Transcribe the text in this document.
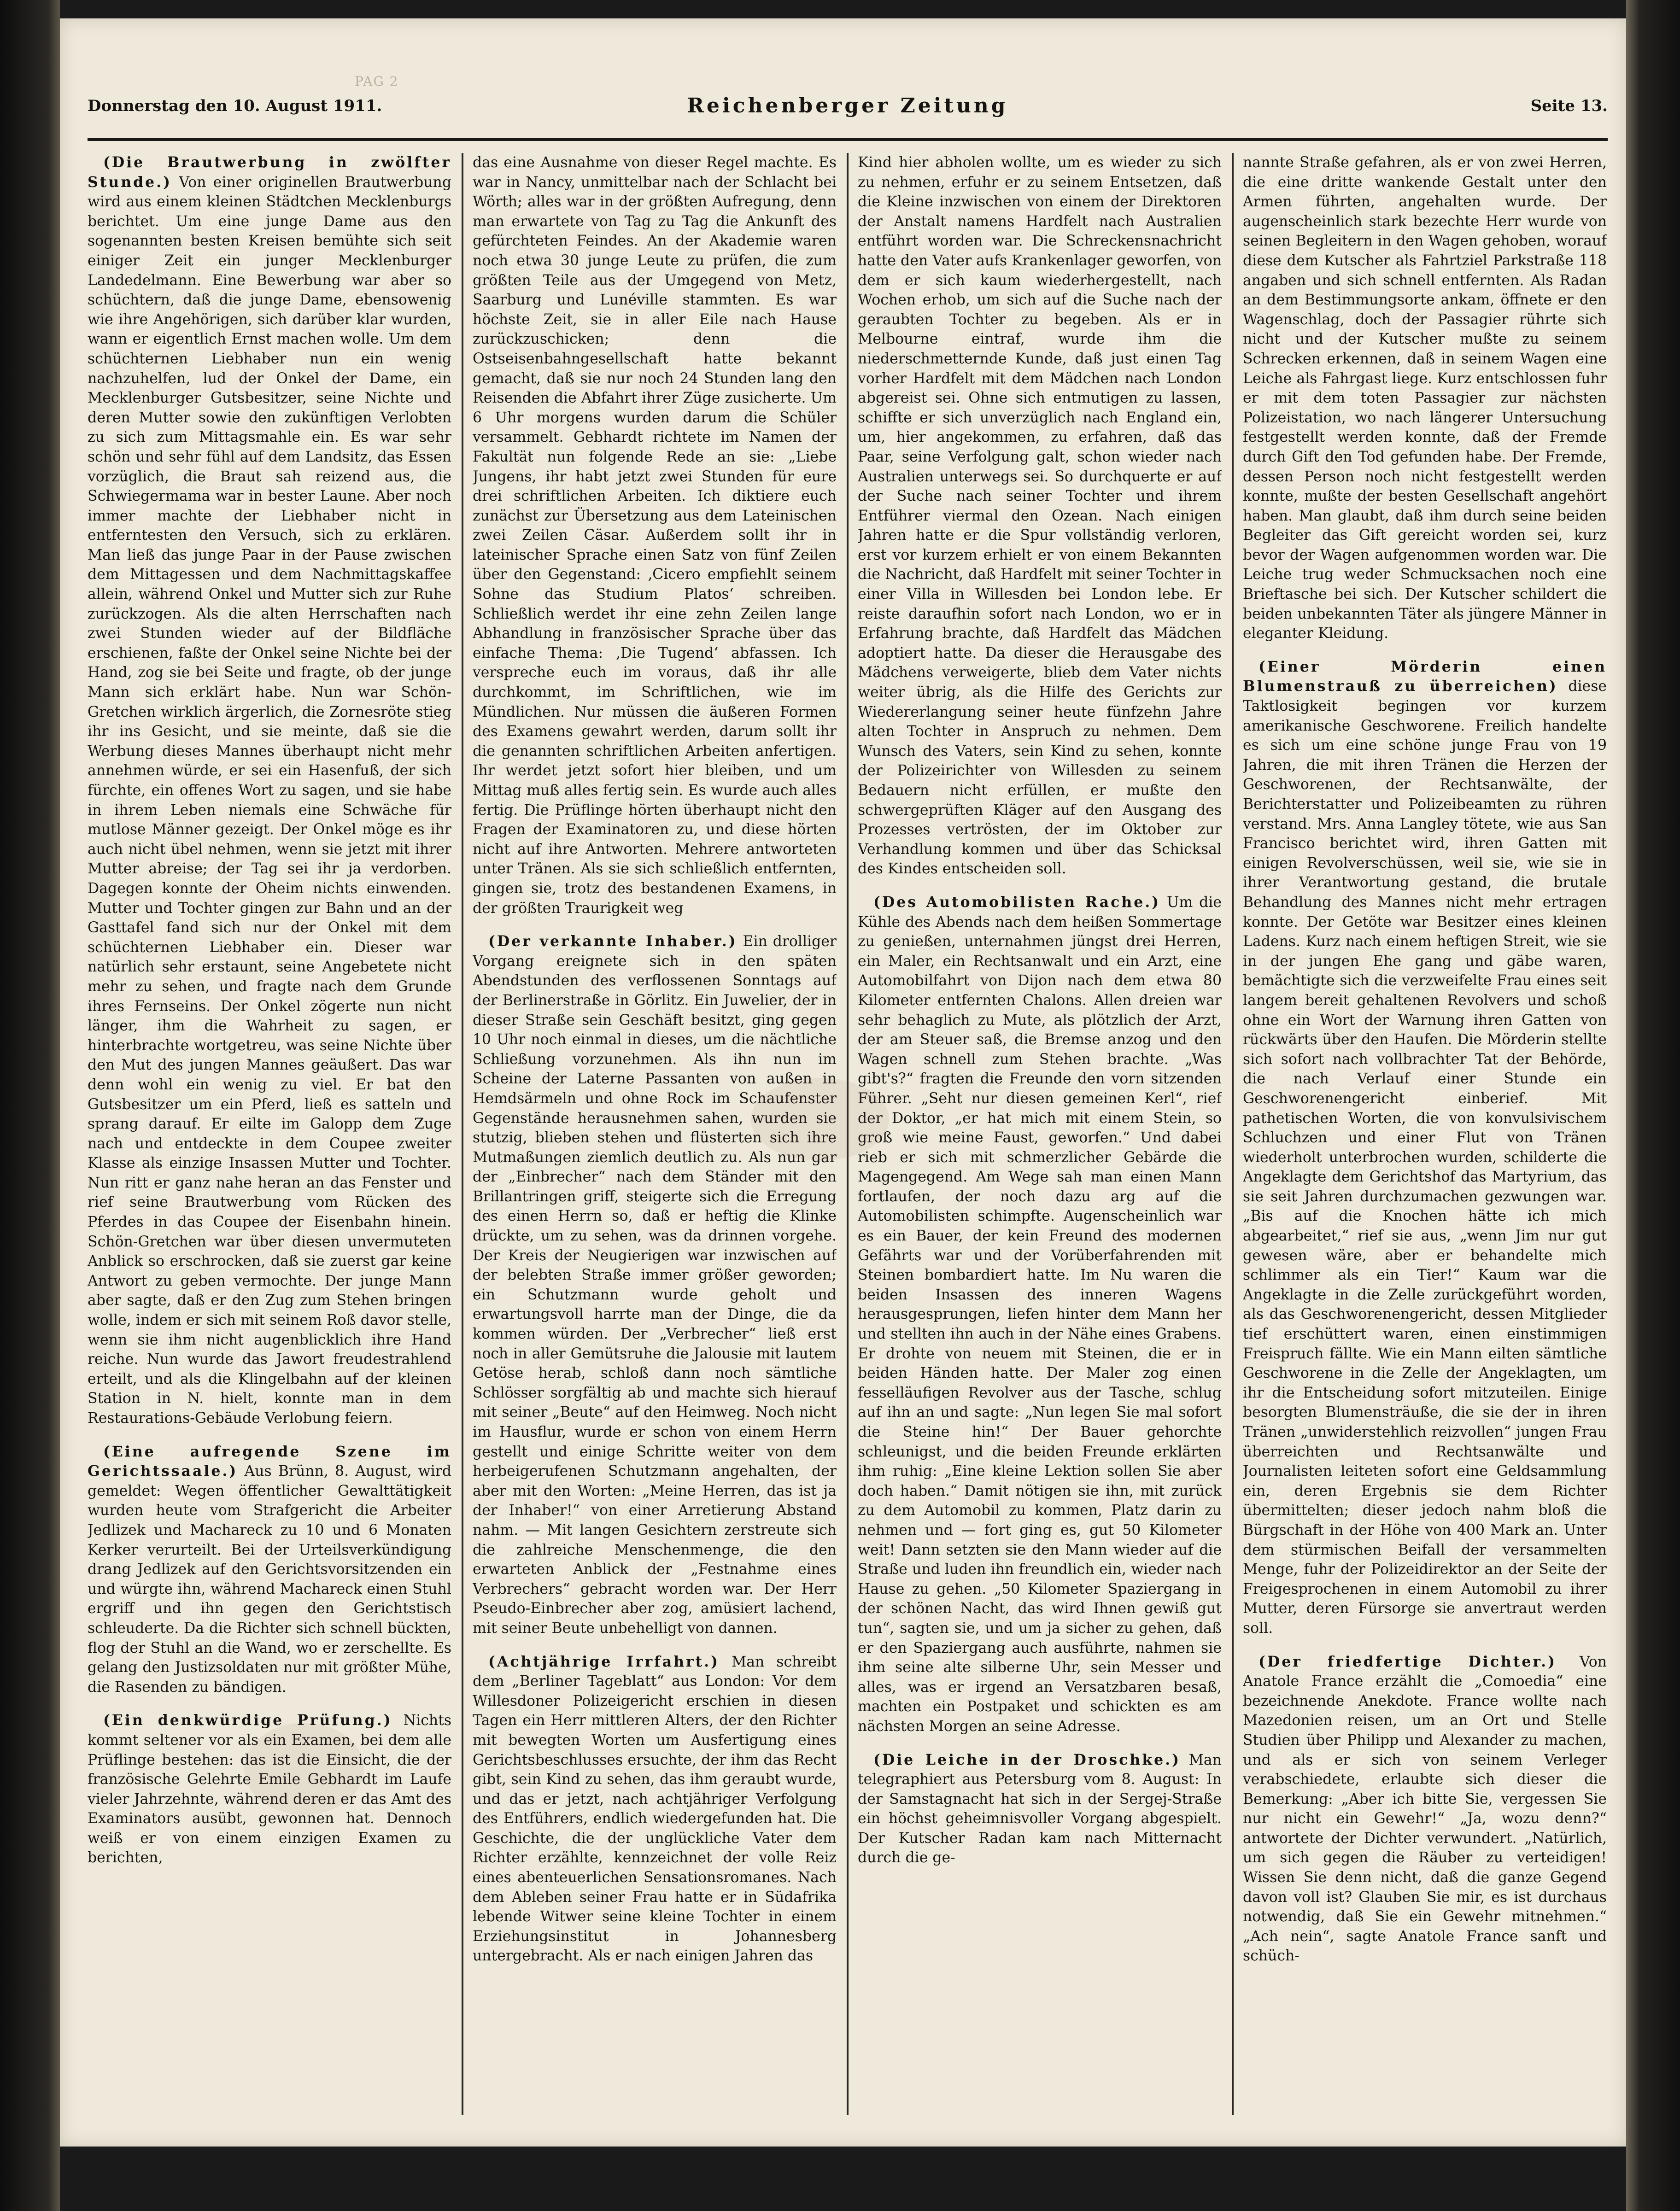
PAG 2
Donnerstag den 10. August 1911.	Reichenberger Zeitung	Seite 13.

(Die Brautwerbung in zwölfter Stunde.) Von einer originellen Brautwerbung wird aus einem kleinen Städtchen Mecklenburgs berichtet. Um eine junge Dame aus den sogenannten besten Kreisen bemühte sich seit einiger Zeit ein junger Mecklenburger Landedelmann. Eine Bewerbung war aber so schüchtern, daß die junge Dame, ebensowenig wie ihre Angehörigen, sich darüber klar wurden, wann er eigentlich Ernst machen wolle. Um dem schüchternen Liebhaber nun ein wenig nachzuhelfen, lud der Onkel der Dame, ein Mecklenburger Gutsbesitzer, seine Nichte und deren Mutter sowie den zukünftigen Verlobten zu sich zum Mittagsmahle ein. Es war sehr schön und sehr fühl auf dem Landsitz, das Essen vorzüglich, die Braut sah reizend aus, die Schwiegermama war in bester Laune. Aber noch immer machte der Liebhaber nicht in entferntesten den Versuch, sich zu erklären. Man ließ das junge Paar in der Pause zwischen dem Mittagessen und dem Nachmittagskaffee allein, während Onkel und Mutter sich zur Ruhe zurückzogen. Als die alten Herrschaften nach zwei Stunden wieder auf der Bildfläche erschienen, faßte der Onkel seine Nichte bei der Hand, zog sie bei Seite und fragte, ob der junge Mann sich erklärt habe. Nun war Schön-Gretchen wirklich ärgerlich, die Zornesröte stieg ihr ins Gesicht, und sie meinte, daß sie die Werbung dieses Mannes überhaupt nicht mehr annehmen würde, er sei ein Hasenfuß, der sich fürchte, ein offenes Wort zu sagen, und sie habe in ihrem Leben niemals eine Schwäche für mutlose Männer gezeigt. Der Onkel möge es ihr auch nicht übel nehmen, wenn sie jetzt mit ihrer Mutter abreise; der Tag sei ihr ja verdorben. Dagegen konnte der Oheim nichts einwenden. Mutter und Tochter gingen zur Bahn und an der Gasttafel fand sich nur der Onkel mit dem schüchternen Liebhaber ein. Dieser war natürlich sehr erstaunt, seine Angebetete nicht mehr zu sehen, und fragte nach dem Grunde ihres Fernseins. Der Onkel zögerte nun nicht länger, ihm die Wahrheit zu sagen, er hinterbrachte wortgetreu, was seine Nichte über den Mut des jungen Mannes geäußert. Das war denn wohl ein wenig zu viel. Er bat den Gutsbesitzer um ein Pferd, ließ es satteln und sprang darauf. Er eilte im Galopp dem Zuge nach und entdeckte in dem Coupee zweiter Klasse als einzige Insassen Mutter und Tochter. Nun ritt er ganz nahe heran an das Fenster und rief seine Brautwerbung vom Rücken des Pferdes in das Coupee der Eisenbahn hinein. Schön-Gretchen war über diesen unvermuteten Anblick so erschrocken, daß sie zuerst gar keine Antwort zu geben vermochte. Der junge Mann aber sagte, daß er den Zug zum Stehen bringen wolle, indem er sich mit seinem Roß davor stelle, wenn sie ihm nicht augenblicklich ihre Hand reiche. Nun wurde das Jawort freudestrahlend erteilt, und als die Klingelbahn auf der kleinen Station in N. hielt, konnte man in dem Restaurations-Gebäude Verlobung feiern.

(Eine aufregende Szene im Gerichtssaale.) Aus Brünn, 8. August, wird gemeldet: Wegen öffentlicher Gewalttätigkeit wurden heute vom Strafgericht die Arbeiter Jedlizek und Machareck zu 10 und 6 Monaten Kerker verurteilt. Bei der Urteilsverkündigung drang Jedlizek auf den Gerichtsvorsitzenden ein und würgte ihn, während Machareck einen Stuhl ergriff und ihn gegen den Gerichtstisch schleuderte. Da die Richter sich schnell bückten, flog der Stuhl an die Wand, wo er zerschellte. Es gelang den Justizsoldaten nur mit größter Mühe, die Rasenden zu bändigen.

(Ein denkwürdige Prüfung.) Nichts kommt seltener vor als ein Examen, bei dem alle Prüflinge bestehen: das ist die Einsicht, die der französische Gelehrte Emile Gebhardt im Laufe vieler Jahrzehnte, während deren er das Amt des Examinators ausübt, gewonnen hat. Dennoch weiß er von einem einzigen Examen zu berichten,

das eine Ausnahme von dieser Regel machte. Es war in Nancy, unmittelbar nach der Schlacht bei Wörth; alles war in der größten Aufregung, denn man erwartete von Tag zu Tag die Ankunft des gefürchteten Feindes. An der Akademie waren noch etwa 30 junge Leute zu prüfen, die zum größten Teile aus der Umgegend von Metz, Saarburg und Lunéville stammten. Es war höchste Zeit, sie in aller Eile nach Hause zurückzuschicken; denn die Ostseisenbahngesellschaft hatte bekannt gemacht, daß sie nur noch 24 Stunden lang den Reisenden die Abfahrt ihrer Züge zusicherte. Um 6 Uhr morgens wurden darum die Schüler versammelt. Gebhardt richtete im Namen der Fakultät nun folgende Rede an sie: „Liebe Jungens, ihr habt jetzt zwei Stunden für eure drei schriftlichen Arbeiten. Ich diktiere euch zunächst zur Übersetzung aus dem Lateinischen zwei Zeilen Cäsar. Außerdem sollt ihr in lateinischer Sprache einen Satz von fünf Zeilen über den Gegenstand: ‚Cicero empfiehlt seinem Sohne das Studium Platos‘ schreiben. Schließlich werdet ihr eine zehn Zeilen lange Abhandlung in französischer Sprache über das einfache Thema: ‚Die Tugend‘ abfassen. Ich verspreche euch im voraus, daß ihr alle durchkommt, im Schriftlichen, wie im Mündlichen. Nur müssen die äußeren Formen des Examens gewahrt werden, darum sollt ihr die genannten schriftlichen Arbeiten anfertigen. Ihr werdet jetzt sofort hier bleiben, und um Mittag muß alles fertig sein. Es wurde auch alles fertig. Die Prüflinge hörten überhaupt nicht den Fragen der Examinatoren zu, und diese hörten nicht auf ihre Antworten. Mehrere antworteten unter Tränen. Als sie sich schließlich entfernten, gingen sie, trotz des bestandenen Examens, in der größten Traurigkeit weg

(Der verkannte Inhaber.) Ein drolliger Vorgang ereignete sich in den späten Abendstunden des verflossenen Sonntags auf der Berlinerstraße in Görlitz. Ein Juwelier, der in dieser Straße sein Geschäft besitzt, ging gegen 10 Uhr noch einmal in dieses, um die nächtliche Schließung vorzunehmen. Als ihn nun im Scheine der Laterne Passanten von außen in Hemdsärmeln und ohne Rock im Schaufenster Gegenstände herausnehmen sahen, wurden sie stutzig, blieben stehen und flüsterten sich ihre Mutmaßungen ziemlich deutlich zu. Als nun gar der „Einbrecher“ nach dem Ständer mit den Brillantringen griff, steigerte sich die Erregung des einen Herrn so, daß er heftig die Klinke drückte, um zu sehen, was da drinnen vorgehe. Der Kreis der Neugierigen war inzwischen auf der belebten Straße immer größer geworden; ein Schutzmann wurde geholt und erwartungsvoll harrte man der Dinge, die da kommen würden. Der „Verbrecher“ ließ erst noch in aller Gemütsruhe die Jalousie mit lautem Getöse herab, schloß dann noch sämtliche Schlösser sorgfältig ab und machte sich hierauf mit seiner „Beute“ auf den Heimweg. Noch nicht im Hausflur, wurde er schon von einem Herrn gestellt und einige Schritte weiter von dem herbeigerufenen Schutzmann angehalten, der aber mit den Worten: „Meine Herren, das ist ja der Inhaber!“ von einer Arretierung Abstand nahm. — Mit langen Gesichtern zerstreute sich die zahlreiche Menschenmenge, die den erwarteten Anblick der „Festnahme eines Verbrechers“ gebracht worden war. Der Herr Pseudo-Einbrecher aber zog, amüsiert lachend, mit seiner Beute unbehelligt von dannen.

(Achtjährige Irrfahrt.) Man schreibt dem „Berliner Tageblatt“ aus London: Vor dem Willesdoner Polizeigericht erschien in diesen Tagen ein Herr mittleren Alters, der den Richter mit bewegten Worten um Ausfertigung eines Gerichtsbeschlusses ersuchte, der ihm das Recht gibt, sein Kind zu sehen, das ihm geraubt wurde, und das er jetzt, nach achtjähriger Verfolgung des Entführers, endlich wiedergefunden hat. Die Geschichte, die der unglückliche Vater dem Richter erzählte, kennzeichnet der volle Reiz eines abenteuerlichen Sensationsromanes. Nach dem Ableben seiner Frau hatte er in Südafrika lebende Witwer seine kleine Tochter in einem Erziehungsinstitut in Johannesberg untergebracht. Als er nach einigen Jahren das

Kind hier abholen wollte, um es wieder zu sich zu nehmen, erfuhr er zu seinem Entsetzen, daß die Kleine inzwischen von einem der Direktoren der Anstalt namens Hardfelt nach Australien entführt worden war. Die Schreckensnachricht hatte den Vater aufs Krankenlager geworfen, von dem er sich kaum wiederhergestellt, nach Wochen erhob, um sich auf die Suche nach der geraubten Tochter zu begeben. Als er in Melbourne eintraf, wurde ihm die niederschmetternde Kunde, daß just einen Tag vorher Hardfelt mit dem Mädchen nach London abgereist sei. Ohne sich entmutigen zu lassen, schiffte er sich unverzüglich nach England ein, um, hier angekommen, zu erfahren, daß das Paar, seine Verfolgung galt, schon wieder nach Australien unterwegs sei. So durchquerte er auf der Suche nach seiner Tochter und ihrem Entführer viermal den Ozean. Nach einigen Jahren hatte er die Spur vollständig verloren, erst vor kurzem erhielt er von einem Bekannten die Nachricht, daß Hardfelt mit seiner Tochter in einer Villa in Willesden bei London lebe. Er reiste daraufhin sofort nach London, wo er in Erfahrung brachte, daß Hardfelt das Mädchen adoptiert hatte. Da dieser die Herausgabe des Mädchens verweigerte, blieb dem Vater nichts weiter übrig, als die Hilfe des Gerichts zur Wiedererlangung seiner heute fünfzehn Jahre alten Tochter in Anspruch zu nehmen. Dem Wunsch des Vaters, sein Kind zu sehen, konnte der Polizeirichter von Willesden zu seinem Bedauern nicht erfüllen, er mußte den schwergeprüften Kläger auf den Ausgang des Prozesses vertrösten, der im Oktober zur Verhandlung kommen und über das Schicksal des Kindes entscheiden soll.

(Des Automobilisten Rache.) Um die Kühle des Abends nach dem heißen Sommertage zu genießen, unternahmen jüngst drei Herren, ein Maler, ein Rechtsanwalt und ein Arzt, eine Automobilfahrt von Dijon nach dem etwa 80 Kilometer entfernten Chalons. Allen dreien war sehr behaglich zu Mute, als plötzlich der Arzt, der am Steuer saß, die Bremse anzog und den Wagen schnell zum Stehen brachte. „Was gibt's?“ fragten die Freunde den vorn sitzenden Führer. „Seht nur diesen gemeinen Kerl“, rief der Doktor, „er hat mich mit einem Stein, so groß wie meine Faust, geworfen.“ Und dabei rieb er sich mit schmerzlicher Gebärde die Magengegend. Am Wege sah man einen Mann fortlaufen, der noch dazu arg auf die Automobilisten schimpfte. Augenscheinlich war es ein Bauer, der kein Freund des modernen Gefährts war und der Vorüberfahrenden mit Steinen bombardiert hatte. Im Nu waren die beiden Insassen des inneren Wagens herausgesprungen, liefen hinter dem Mann her und stellten ihn auch in der Nähe eines Grabens. Er drohte von neuem mit Steinen, die er in beiden Händen hatte. Der Maler zog einen fesselläufigen Revolver aus der Tasche, schlug auf ihn an und sagte: „Nun legen Sie mal sofort die Steine hin!“ Der Bauer gehorchte schleunigst, und die beiden Freunde erklärten ihm ruhig: „Eine kleine Lektion sollen Sie aber doch haben.“ Damit nötigen sie ihn, mit zurück zu dem Automobil zu kommen, Platz darin zu nehmen und — fort ging es, gut 50 Kilometer weit! Dann setzten sie den Mann wieder auf die Straße und luden ihn freundlich ein, wieder nach Hause zu gehen. „50 Kilometer Spaziergang in der schönen Nacht, das wird Ihnen gewiß gut tun“, sagten sie, und um ja sicher zu gehen, daß er den Spaziergang auch ausführte, nahmen sie ihm seine alte silberne Uhr, sein Messer und alles, was er irgend an Versatzbaren besaß, machten ein Postpaket und schickten es am nächsten Morgen an seine Adresse.

(Die Leiche in der Droschke.) Man telegraphiert aus Petersburg vom 8. August: In der Samstagnacht hat sich in der Sergej-Straße ein höchst geheimnisvoller Vorgang abgespielt. Der Kutscher Radan kam nach Mitternacht durch die ge-

nannte Straße gefahren, als er von zwei Herren, die eine dritte wankende Gestalt unter den Armen führten, angehalten wurde. Der augenscheinlich stark bezechte Herr wurde von seinen Begleitern in den Wagen gehoben, worauf diese dem Kutscher als Fahrtziel Parkstraße 118 angaben und sich schnell entfernten. Als Radan an dem Bestimmungsorte ankam, öffnete er den Wagenschlag, doch der Passagier rührte sich nicht und der Kutscher mußte zu seinem Schrecken erkennen, daß in seinem Wagen eine Leiche als Fahrgast liege. Kurz entschlossen fuhr er mit dem toten Passagier zur nächsten Polizeistation, wo nach längerer Untersuchung festgestellt werden konnte, daß der Fremde durch Gift den Tod gefunden habe. Der Fremde, dessen Person noch nicht festgestellt werden konnte, mußte der besten Gesellschaft angehört haben. Man glaubt, daß ihm durch seine beiden Begleiter das Gift gereicht worden sei, kurz bevor der Wagen aufgenommen worden war. Die Leiche trug weder Schmucksachen noch eine Brieftasche bei sich. Der Kutscher schildert die beiden unbekannten Täter als jüngere Männer in eleganter Kleidung.

(Einer Mörderin einen Blumenstrauß zu überreichen) diese Taktlosigkeit begingen vor kurzem amerikanische Geschworene. Freilich handelte es sich um eine schöne junge Frau von 19 Jahren, die mit ihren Tränen die Herzen der Geschworenen, der Rechtsanwälte, der Berichterstatter und Polizeibeamten zu rühren verstand. Mrs. Anna Langley tötete, wie aus San Francisco berichtet wird, ihren Gatten mit einigen Revolverschüssen, weil sie, wie sie in ihrer Verantwortung gestand, die brutale Behandlung des Mannes nicht mehr ertragen konnte. Der Getöte war Besitzer eines kleinen Ladens. Kurz nach einem heftigen Streit, wie sie in der jungen Ehe gang und gäbe waren, bemächtigte sich die verzweifelte Frau eines seit langem bereit gehaltenen Revolvers und schoß ohne ein Wort der Warnung ihren Gatten von rückwärts über den Haufen. Die Mörderin stellte sich sofort nach vollbrachter Tat der Behörde, die nach Verlauf einer Stunde ein Geschworenengericht einberief. Mit pathetischen Worten, die von konvulsivischem Schluchzen und einer Flut von Tränen wiederholt unterbrochen wurden, schilderte die Angeklagte dem Gerichtshof das Martyrium, das sie seit Jahren durchzumachen gezwungen war. „Bis auf die Knochen hätte ich mich abgearbeitet,“ rief sie aus, „wenn Jim nur gut gewesen wäre, aber er behandelte mich schlimmer als ein Tier!“ Kaum war die Angeklagte in die Zelle zurückgeführt worden, als das Geschworenengericht, dessen Mitglieder tief erschüttert waren, einen einstimmigen Freispruch fällte. Wie ein Mann eilten sämtliche Geschworene in die Zelle der Angeklagten, um ihr die Entscheidung sofort mitzuteilen. Einige besorgten Blumensträuße, die sie der in ihren Tränen „unwiderstehlich reizvollen“ jungen Frau überreichten und Rechtsanwälte und Journalisten leiteten sofort eine Geldsammlung ein, deren Ergebnis sie dem Richter übermittelten; dieser jedoch nahm bloß die Bürgschaft in der Höhe von 400 Mark an. Unter dem stürmischen Beifall der versammelten Menge, fuhr der Polizeidirektor an der Seite der Freigesprochenen in einem Automobil zu ihrer Mutter, deren Fürsorge sie anvertraut werden soll.

(Der friedfertige Dichter.) Von Anatole France erzählt die „Comoedia“ eine bezeichnende Anekdote. France wollte nach Mazedonien reisen, um an Ort und Stelle Studien über Philipp und Alexander zu machen, und als er sich von seinem Verleger verabschiedete, erlaubte sich dieser die Bemerkung: „Aber ich bitte Sie, vergessen Sie nur nicht ein Gewehr!“ „Ja, wozu denn?“ antwortete der Dichter verwundert. „Natürlich, um sich gegen die Räuber zu verteidigen! Wissen Sie denn nicht, daß die ganze Gegend davon voll ist? Glauben Sie mir, es ist durchaus notwendig, daß Sie ein Gewehr mitnehmen.“ „Ach nein“, sagte Anatole France sanft und schüch-
